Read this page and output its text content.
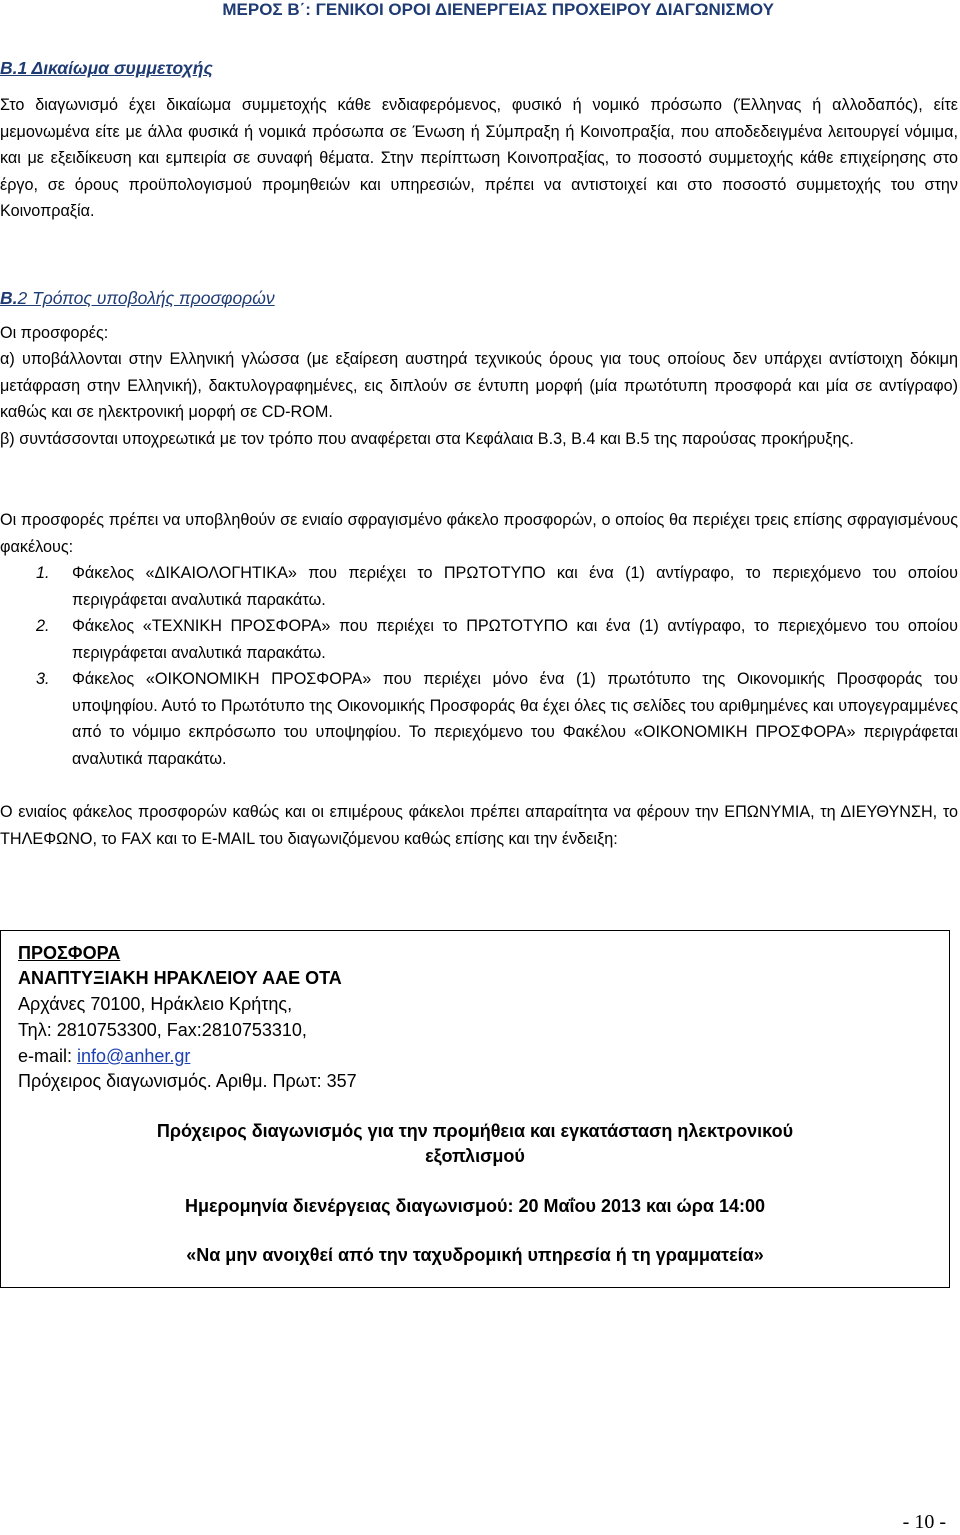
ΜΕΡΟΣ Β΄: ΓΕΝΙΚΟΙ ΟΡΟΙ ΔΙΕΝΕΡΓΕΙΑΣ ΠΡΟΧΕΙΡΟΥ ΔΙΑΓΩΝΙΣΜΟΥ
Β.1 Δικαίωμα συμμετοχής
Στο διαγωνισμό έχει δικαίωμα συμμετοχής κάθε ενδιαφερόμενος, φυσικό ή νομικό πρόσωπο (Έλληνας ή αλλοδαπός), είτε μεμονωμένα είτε με άλλα φυσικά ή νομικά πρόσωπα σε Ένωση ή Σύμπραξη ή Κοινοπραξία, που αποδεδειγμένα λειτουργεί νόμιμα, και με εξειδίκευση και εμπειρία σε συναφή θέματα. Στην περίπτωση Κοινοπραξίας, το ποσοστό συμμετοχής κάθε επιχείρησης στο έργο, σε όρους προϋπολογισμού προμηθειών και υπηρεσιών, πρέπει να αντιστοιχεί και στο ποσοστό συμμετοχής του στην Κοινοπραξία.
Β.2 Τρόπος υποβολής προσφορών
Οι προσφορές:
α) υποβάλλονται στην Ελληνική γλώσσα (με εξαίρεση αυστηρά τεχνικούς όρους για τους οποίους δεν υπάρχει αντίστοιχη δόκιμη μετάφραση στην Ελληνική), δακτυλογραφημένες, εις διπλούν σε έντυπη μορφή (μία πρωτότυπη προσφορά και μία σε αντίγραφο) καθώς και σε ηλεκτρονική μορφή σε CD-ROM.
β) συντάσσονται υποχρεωτικά με τον τρόπο που αναφέρεται στα Κεφάλαια Β.3, Β.4 και Β.5 της παρούσας προκήρυξης.
Οι προσφορές πρέπει να υποβληθούν σε ενιαίο σφραγισμένο φάκελο προσφορών, ο οποίος θα περιέχει τρεις επίσης σφραγισμένους φακέλους:
1. Φάκελος «ΔΙΚΑΙΟΛΟΓΗΤΙΚΑ» που περιέχει το ΠΡΩΤΟΤΥΠΟ και ένα (1) αντίγραφο, το περιεχόμενο του οποίου περιγράφεται αναλυτικά παρακάτω.
2. Φάκελος «ΤΕΧΝΙΚΗ ΠΡΟΣΦΟΡΑ» που περιέχει το ΠΡΩΤΟΤΥΠΟ και ένα (1) αντίγραφο, το περιεχόμενο του οποίου περιγράφεται αναλυτικά παρακάτω.
3. Φάκελος «ΟΙΚΟΝΟΜΙΚΗ ΠΡΟΣΦΟΡΑ» που περιέχει μόνο ένα (1) πρωτότυπο της Οικονομικής Προσφοράς του υποψηφίου. Αυτό το Πρωτότυπο της Οικονομικής Προσφοράς θα έχει όλες τις σελίδες του αριθμημένες και υπογεγραμμένες από το νόμιμο εκπρόσωπο του υποψηφίου. Το περιεχόμενο του Φακέλου «ΟΙΚΟΝΟΜΙΚΗ ΠΡΟΣΦΟΡΑ» περιγράφεται αναλυτικά παρακάτω.
Ο ενιαίος φάκελος προσφορών καθώς και οι επιμέρους φάκελοι πρέπει απαραίτητα να φέρουν την ΕΠΩΝΥΜΙΑ, τη ΔΙΕΥΘΥΝΣΗ, το ΤΗΛΕΦΩΝΟ, το FAX και το E-MAIL του διαγωνιζόμενου καθώς επίσης και την ένδειξη:
ΠΡΟΣΦΟΡΑ
ΑΝΑΠΤΥΞΙΑΚΗ ΗΡΑΚΛΕΙΟΥ ΑΑΕ ΟΤΑ
Αρχάνες 70100, Ηράκλειο Κρήτης,
Τηλ: 2810753300, Fax:2810753310,
e-mail: info@anher.gr
Πρόχειρος διαγωνισμός. Αριθμ. Πρωτ: 357
Πρόχειρος διαγωνισμός για την προμήθεια και εγκατάσταση ηλεκτρονικού
εξοπλισμού
Ημερομηνία διενέργειας διαγωνισμού: 20 Μαΐου 2013 και ώρα 14:00
«Να μην ανοιχθεί από την ταχυδρομική υπηρεσία ή τη γραμματεία»
- 10 -
